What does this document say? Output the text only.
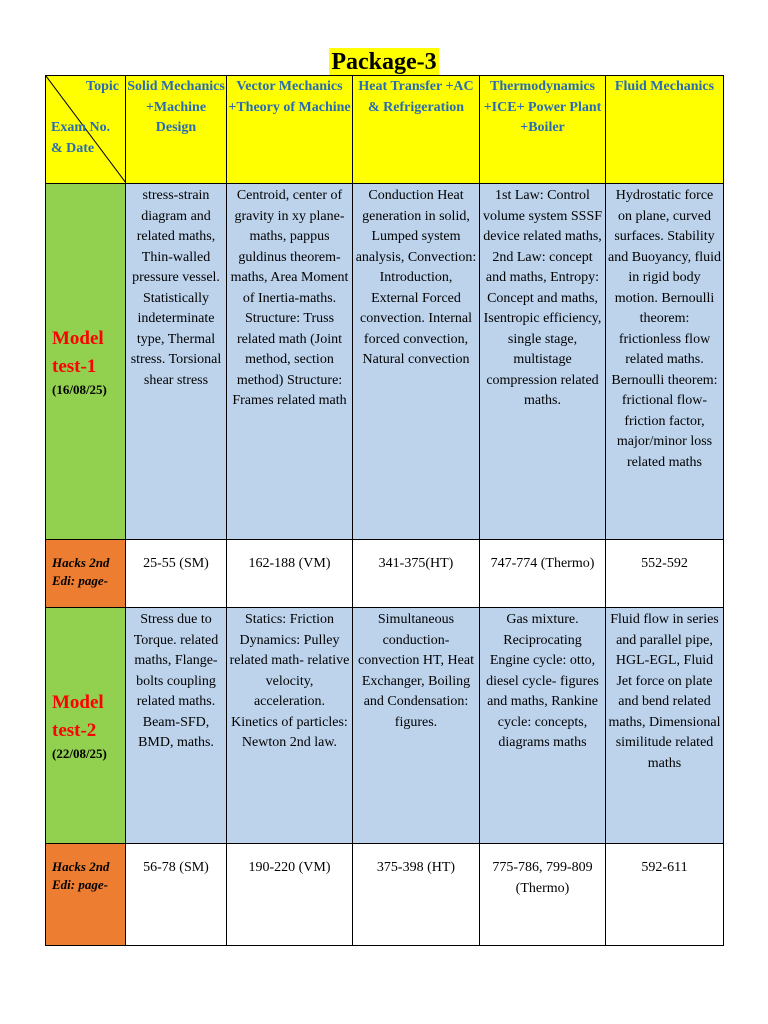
Package-3
Topic
Exam No. & Date	Solid Mechanics +Machine Design	Vector Mechanics +Theory of Machine	Heat Transfer +AC & Refrigeration	Thermodynamics +ICE+ Power Plant +Boiler	Fluid Mechanics

Model test-1
(16/08/25)	stress-strain diagram and related maths, Thin-walled pressure vessel. Statistically indeterminate type, Thermal stress. Torsional shear stress	Centroid, center of gravity in xy plane-maths, pappus guldinus theorem-maths, Area Moment of Inertia-maths. Structure: Truss related math (Joint method, section method) Structure: Frames related math	Conduction Heat generation in solid, Lumped system analysis, Convection: Introduction, External Forced convection. Internal forced convection, Natural convection	1st Law: Control volume system SSSF device related maths, 2nd Law: concept and maths, Entropy: Concept and maths, Isentropic efficiency, single stage, multistage compression related maths.	Hydrostatic force on plane, curved surfaces. Stability and Buoyancy, fluid in rigid body motion. Bernoulli theorem: frictionless flow related maths. Bernoulli theorem: frictional flow-friction factor, major/minor loss related maths

Hacks 2nd Edi: page-	25-55 (SM)	162-188 (VM)	341-375(HT)	747-774 (Thermo)	552-592

Model test-2
(22/08/25)	Stress due to Torque. related maths, Flange-bolts coupling related maths. Beam-SFD, BMD, maths.	Statics: Friction Dynamics: Pulley related math- relative velocity, acceleration. Kinetics of particles: Newton 2nd law.	Simultaneous conduction- convection HT, Heat Exchanger, Boiling and Condensation: figures.	Gas mixture. Reciprocating Engine cycle: otto, diesel cycle- figures and maths, Rankine cycle: concepts, diagrams maths	Fluid flow in series and parallel pipe, HGL-EGL, Fluid Jet force on plate and bend related maths, Dimensional similitude related maths

Hacks 2nd Edi: page-	56-78 (SM)	190-220 (VM)	375-398 (HT)	775-786, 799-809 (Thermo)	592-611
